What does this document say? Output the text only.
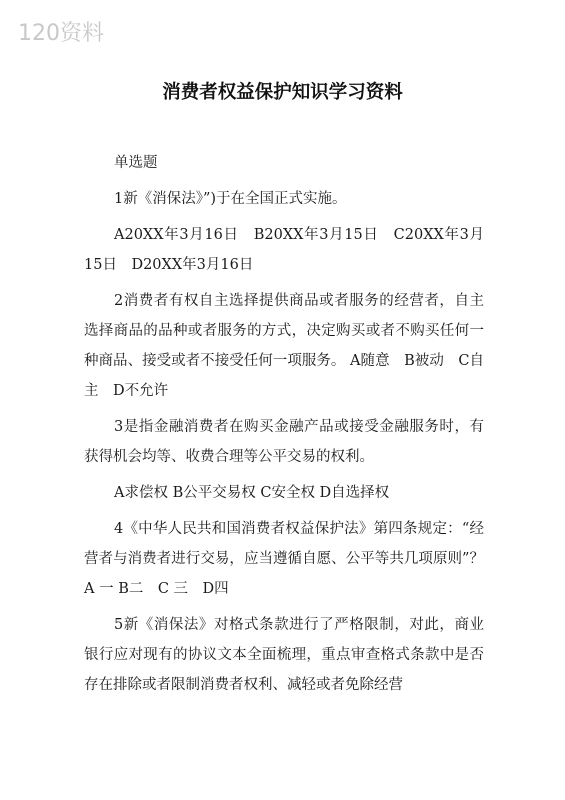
120资料
消费者权益保护知识学习资料

单选题

1新《消保法》”)于在全国正式实施。

A20XX年3月16日　B20XX年3月15日　C20XX年3月15日　D20XX年3月16日

2消费者有权自主选择提供商品或者服务的经营者，自主选择商品的品种或者服务的方式，决定购买或者不购买任何一种商品、接受或者不接受任何一项服务。 A随意　B被动　C自主　D不允许

3是指金融消费者在购买金融产品或接受金融服务时，有获得机会均等、收费合理等公平交易的权利。

A求偿权 B公平交易权 C安全权 D自选择权

4《中华人民共和国消费者权益保护法》第四条规定：“经营者与消费者进行交易，应当遵循自愿、公平等共几项原则”？ A 一 B二　C 三　D四

5新《消保法》对格式条款进行了严格限制，对此，商业银行应对现有的协议文本全面梳理，重点审查格式条款中是否存在排除或者限制消费者权利、减轻或者免除经营
